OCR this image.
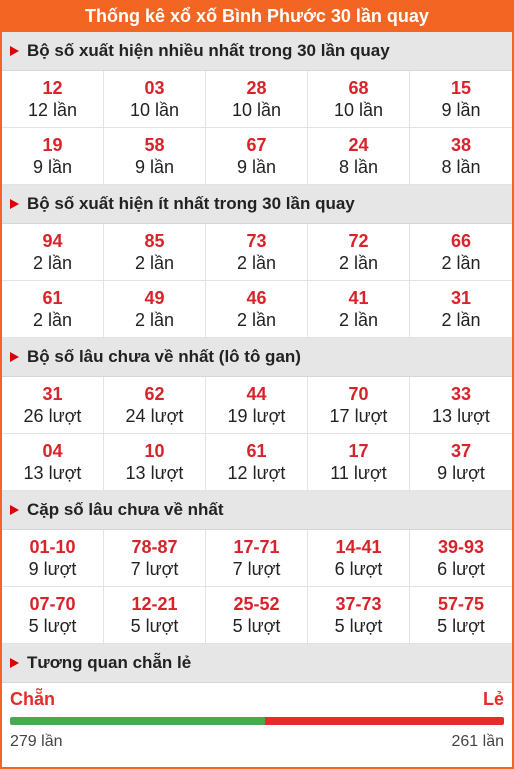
Thống kê xổ xố Bình Phước 30 lần quay
Bộ số xuất hiện nhiều nhất trong 30 lần quay
12
12 lần
03
10 lần
28
10 lần
68
10 lần
15
9 lần
19
9 lần
58
9 lần
67
9 lần
24
8 lần
38
8 lần
Bộ số xuất hiện ít nhất trong 30 lần quay
94
2 lần
85
2 lần
73
2 lần
72
2 lần
66
2 lần
61
2 lần
49
2 lần
46
2 lần
41
2 lần
31
2 lần
Bộ số lâu chưa về nhất (lô tô gan)
31
26 lượt
62
24 lượt
44
19 lượt
70
17 lượt
33
13 lượt
04
13 lượt
10
13 lượt
61
12 lượt
17
11 lượt
37
9 lượt
Cặp số lâu chưa về nhất
01-10
9 lượt
78-87
7 lượt
17-71
7 lượt
14-41
6 lượt
39-93
6 lượt
07-70
5 lượt
12-21
5 lượt
25-52
5 lượt
37-73
5 lượt
57-75
5 lượt
Tương quan chẵn lẻ
Chẵn	Lẻ
279 lần	261 lần
